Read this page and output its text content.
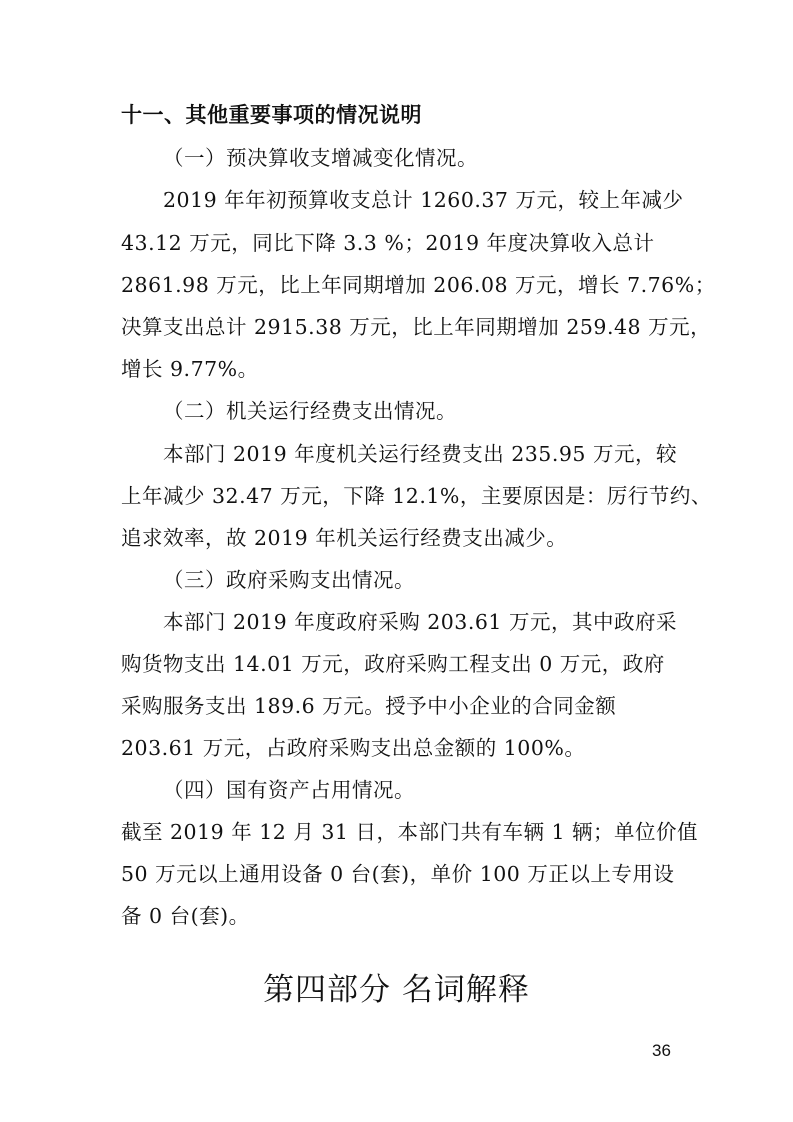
十一、其他重要事项的情况说明
（一）预决算收支增减变化情况。
2019 年年初预算收支总计 1260.37 万元，较上年减少
43.12 万元，同比下降 3.3 %；2019 年度决算收入总计
2861.98 万元，比上年同期增加 206.08 万元，增长 7.76%；
决算支出总计 2915.38 万元，比上年同期增加 259.48 万元，
增长 9.77%。
（二）机关运行经费支出情况。
本部门 2019 年度机关运行经费支出 235.95 万元，较
上年减少 32.47 万元，下降 12.1%，主要原因是：厉行节约、
追求效率，故 2019 年机关运行经费支出减少。
（三）政府采购支出情况。
本部门 2019 年度政府采购 203.61 万元，其中政府采
购货物支出 14.01 万元，政府采购工程支出 0 万元，政府
采购服务支出 189.6 万元。授予中小企业的合同金额
203.61 万元，占政府采购支出总金额的 100%。
（四）国有资产占用情况。
截至 2019 年 12 月 31 日，本部门共有车辆 1 辆；单位价值
50 万元以上通用设备 0 台(套)，单价 100 万正以上专用设
备 0 台(套)。
第四部分 名词解释
36
